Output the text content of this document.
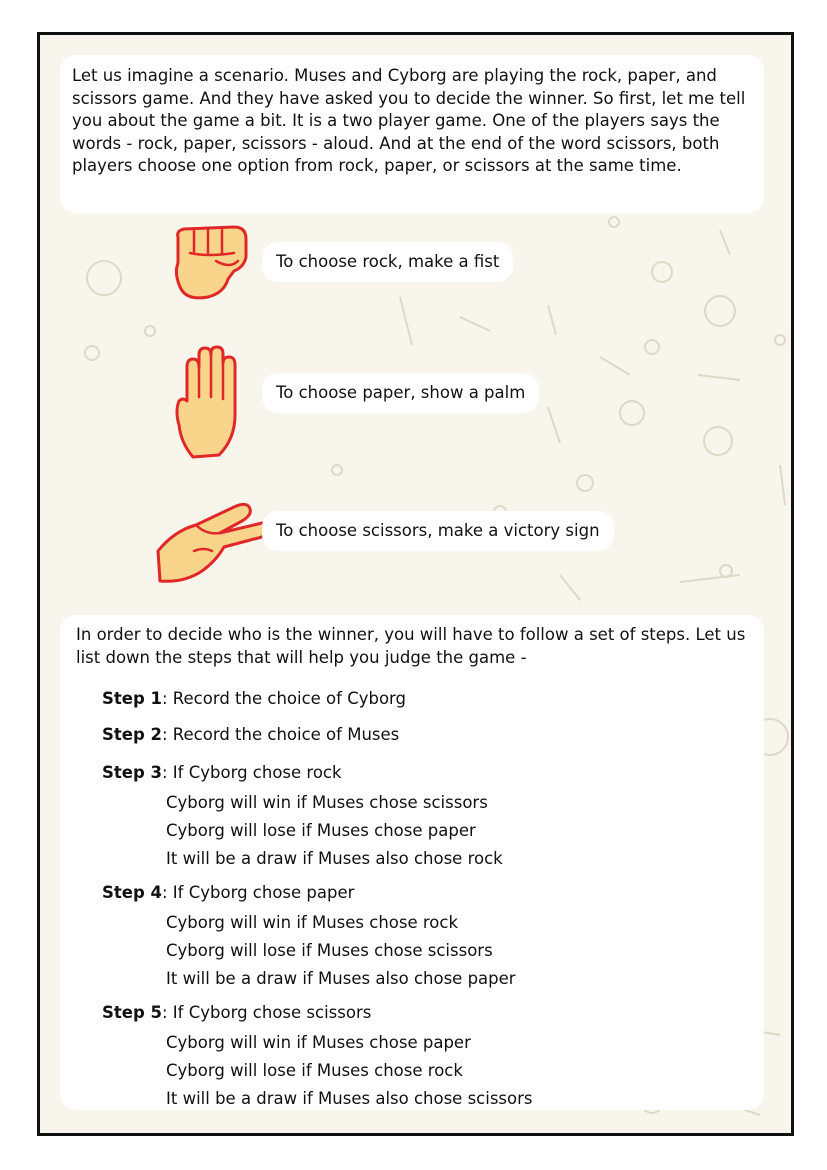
Let us imagine a scenario. Muses and Cyborg are playing the rock, paper, and scissors game. And they have asked you to decide the winner. So first, let me tell you about the game a bit. It is a two player game. One of the players says the words - rock, paper, scissors - aloud. And at the end of the word scissors, both players choose one option from rock, paper, or scissors at the same time.
To choose rock, make a fist
To choose paper, show a palm
To choose scissors, make a victory sign
In order to decide who is the winner, you will have to follow a set of steps. Let us list down the steps that will help you judge the game -
Step 1: Record the choice of Cyborg
Step 2: Record the choice of Muses
Step 3: If Cyborg chose rock
Cyborg will win if Muses chose scissors
Cyborg will lose if Muses chose paper
It will be a draw if Muses also chose rock
Step 4: If Cyborg chose paper
Cyborg will win if Muses chose rock
Cyborg will lose if Muses chose scissors
It will be a draw if Muses also chose paper
Step 5: If Cyborg chose scissors
Cyborg will win if Muses chose paper
Cyborg will lose if Muses chose rock
It will be a draw if Muses also chose scissors
